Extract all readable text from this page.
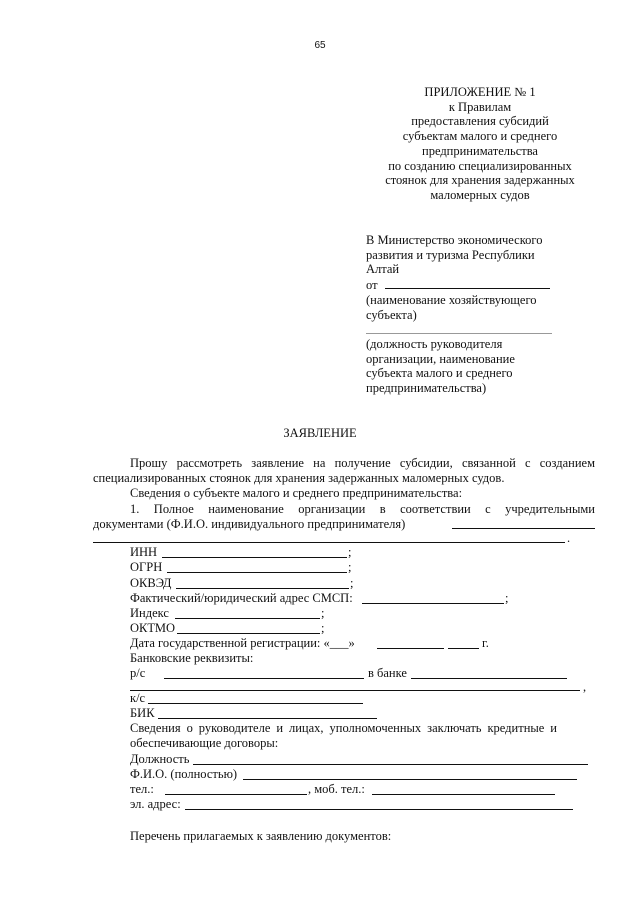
65
ПРИЛОЖЕНИЕ № 1
к Правилам
предоставления субсидий
субъектам малого и среднего
предпринимательства
по созданию специализированных
стоянок для хранения задержанных
маломерных судов
В Министерство экономического
развития и туризма Республики
Алтай
от
(наименование хозяйствующего
субъекта)
(должность руководителя
организации, наименование
субъекта малого и среднего
предпринимательства)
ЗАЯВЛЕНИЕ
Прошу рассмотреть заявление на получение субсидии, связанной с созданием
специализированных стоянок для хранения задержанных маломерных судов.
Сведения о субъекте малого и среднего предпринимательства:
1. Полное наименование организации в соответствии с учредительными
документами (Ф.И.О. индивидуального предпринимателя)
.
ИНН	;
ОГРН	;
ОКВЭД	;
Фактический/юридический адрес СМСП:	;
Индекс	;
ОКТМО	;
Дата государственной регистрации: «___»	г.
Банковские реквизиты:
р/с	в банке
,
к/с
БИК
Сведения о руководителе и лицах, уполномоченных заключать кредитные и
обеспечивающие договоры:
Должность
Ф.И.О. (полностью)
тел.:	, моб. тел.:
эл. адрес:
Перечень прилагаемых к заявлению документов:
